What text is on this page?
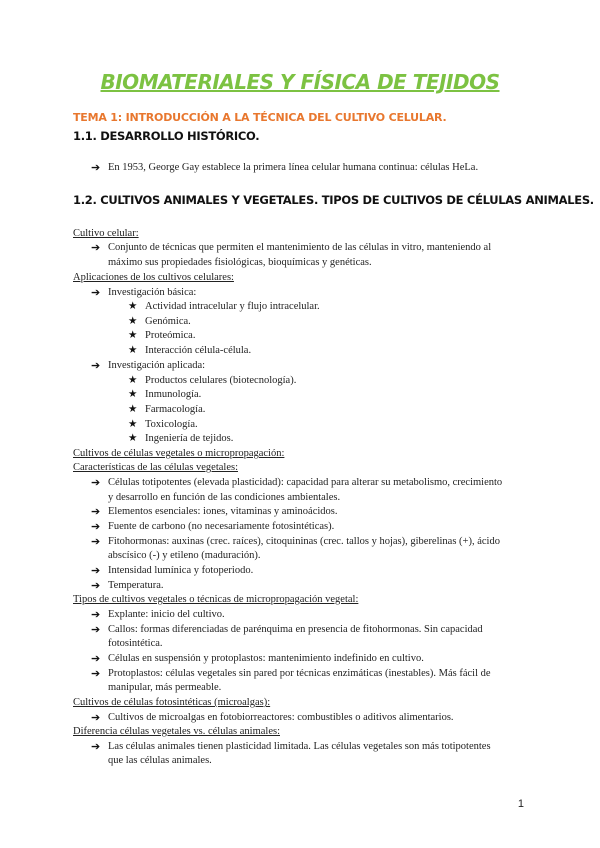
BIOMATERIALES Y FÍSICA DE TEJIDOS
TEMA 1: INTRODUCCIÓN A LA TÉCNICA DEL CULTIVO CELULAR.
1.1. DESARROLLO HISTÓRICO.
➔ En 1953, George Gay establece la primera línea celular humana continua: células HeLa.
1.2. CULTIVOS ANIMALES Y VEGETALES. TIPOS DE CULTIVOS DE CÉLULAS ANIMALES.
Cultivo celular:
➔ Conjunto de técnicas que permiten el mantenimiento de las células in vitro, manteniendo al
máximo sus propiedades fisiológicas, bioquímicas y genéticas.
Aplicaciones de los cultivos celulares:
➔ Investigación básica:
★ Actividad intracelular y flujo intracelular.
★ Genómica.
★ Proteómica.
★ Interacción célula-célula.
➔ Investigación aplicada:
★ Productos celulares (biotecnología).
★ Inmunología.
★ Farmacología.
★ Toxicología.
★ Ingeniería de tejidos.
Cultivos de células vegetales o micropropagación:
Características de las células vegetales:
➔ Células totipotentes (elevada plasticidad): capacidad para alterar su metabolismo, crecimiento
y desarrollo en función de las condiciones ambientales.
➔ Elementos esenciales: iones, vitaminas y aminoácidos.
➔ Fuente de carbono (no necesariamente fotosintéticas).
➔ Fitohormonas: auxinas (crec. raíces), citoquininas (crec. tallos y hojas), giberelinas (+), ácido
abscísico (-) y etileno (maduración).
➔ Intensidad lumínica y fotoperiodo.
➔ Temperatura.
Tipos de cultivos vegetales o técnicas de micropropagación vegetal:
➔ Explante: inicio del cultivo.
➔ Callos: formas diferenciadas de parénquima en presencia de fitohormonas. Sin capacidad
fotosintética.
➔ Células en suspensión y protoplastos: mantenimiento indefinido en cultivo.
➔ Protoplastos: células vegetales sin pared por técnicas enzimáticas (inestables). Más fácil de
manipular, más permeable.
Cultivos de células fotosintéticas (microalgas):
➔ Cultivos de microalgas en fotobiorreactores: combustibles o aditivos alimentarios.
Diferencia células vegetales vs. células animales:
➔ Las células animales tienen plasticidad limitada. Las células vegetales son más totipotentes
que las células animales.
1
